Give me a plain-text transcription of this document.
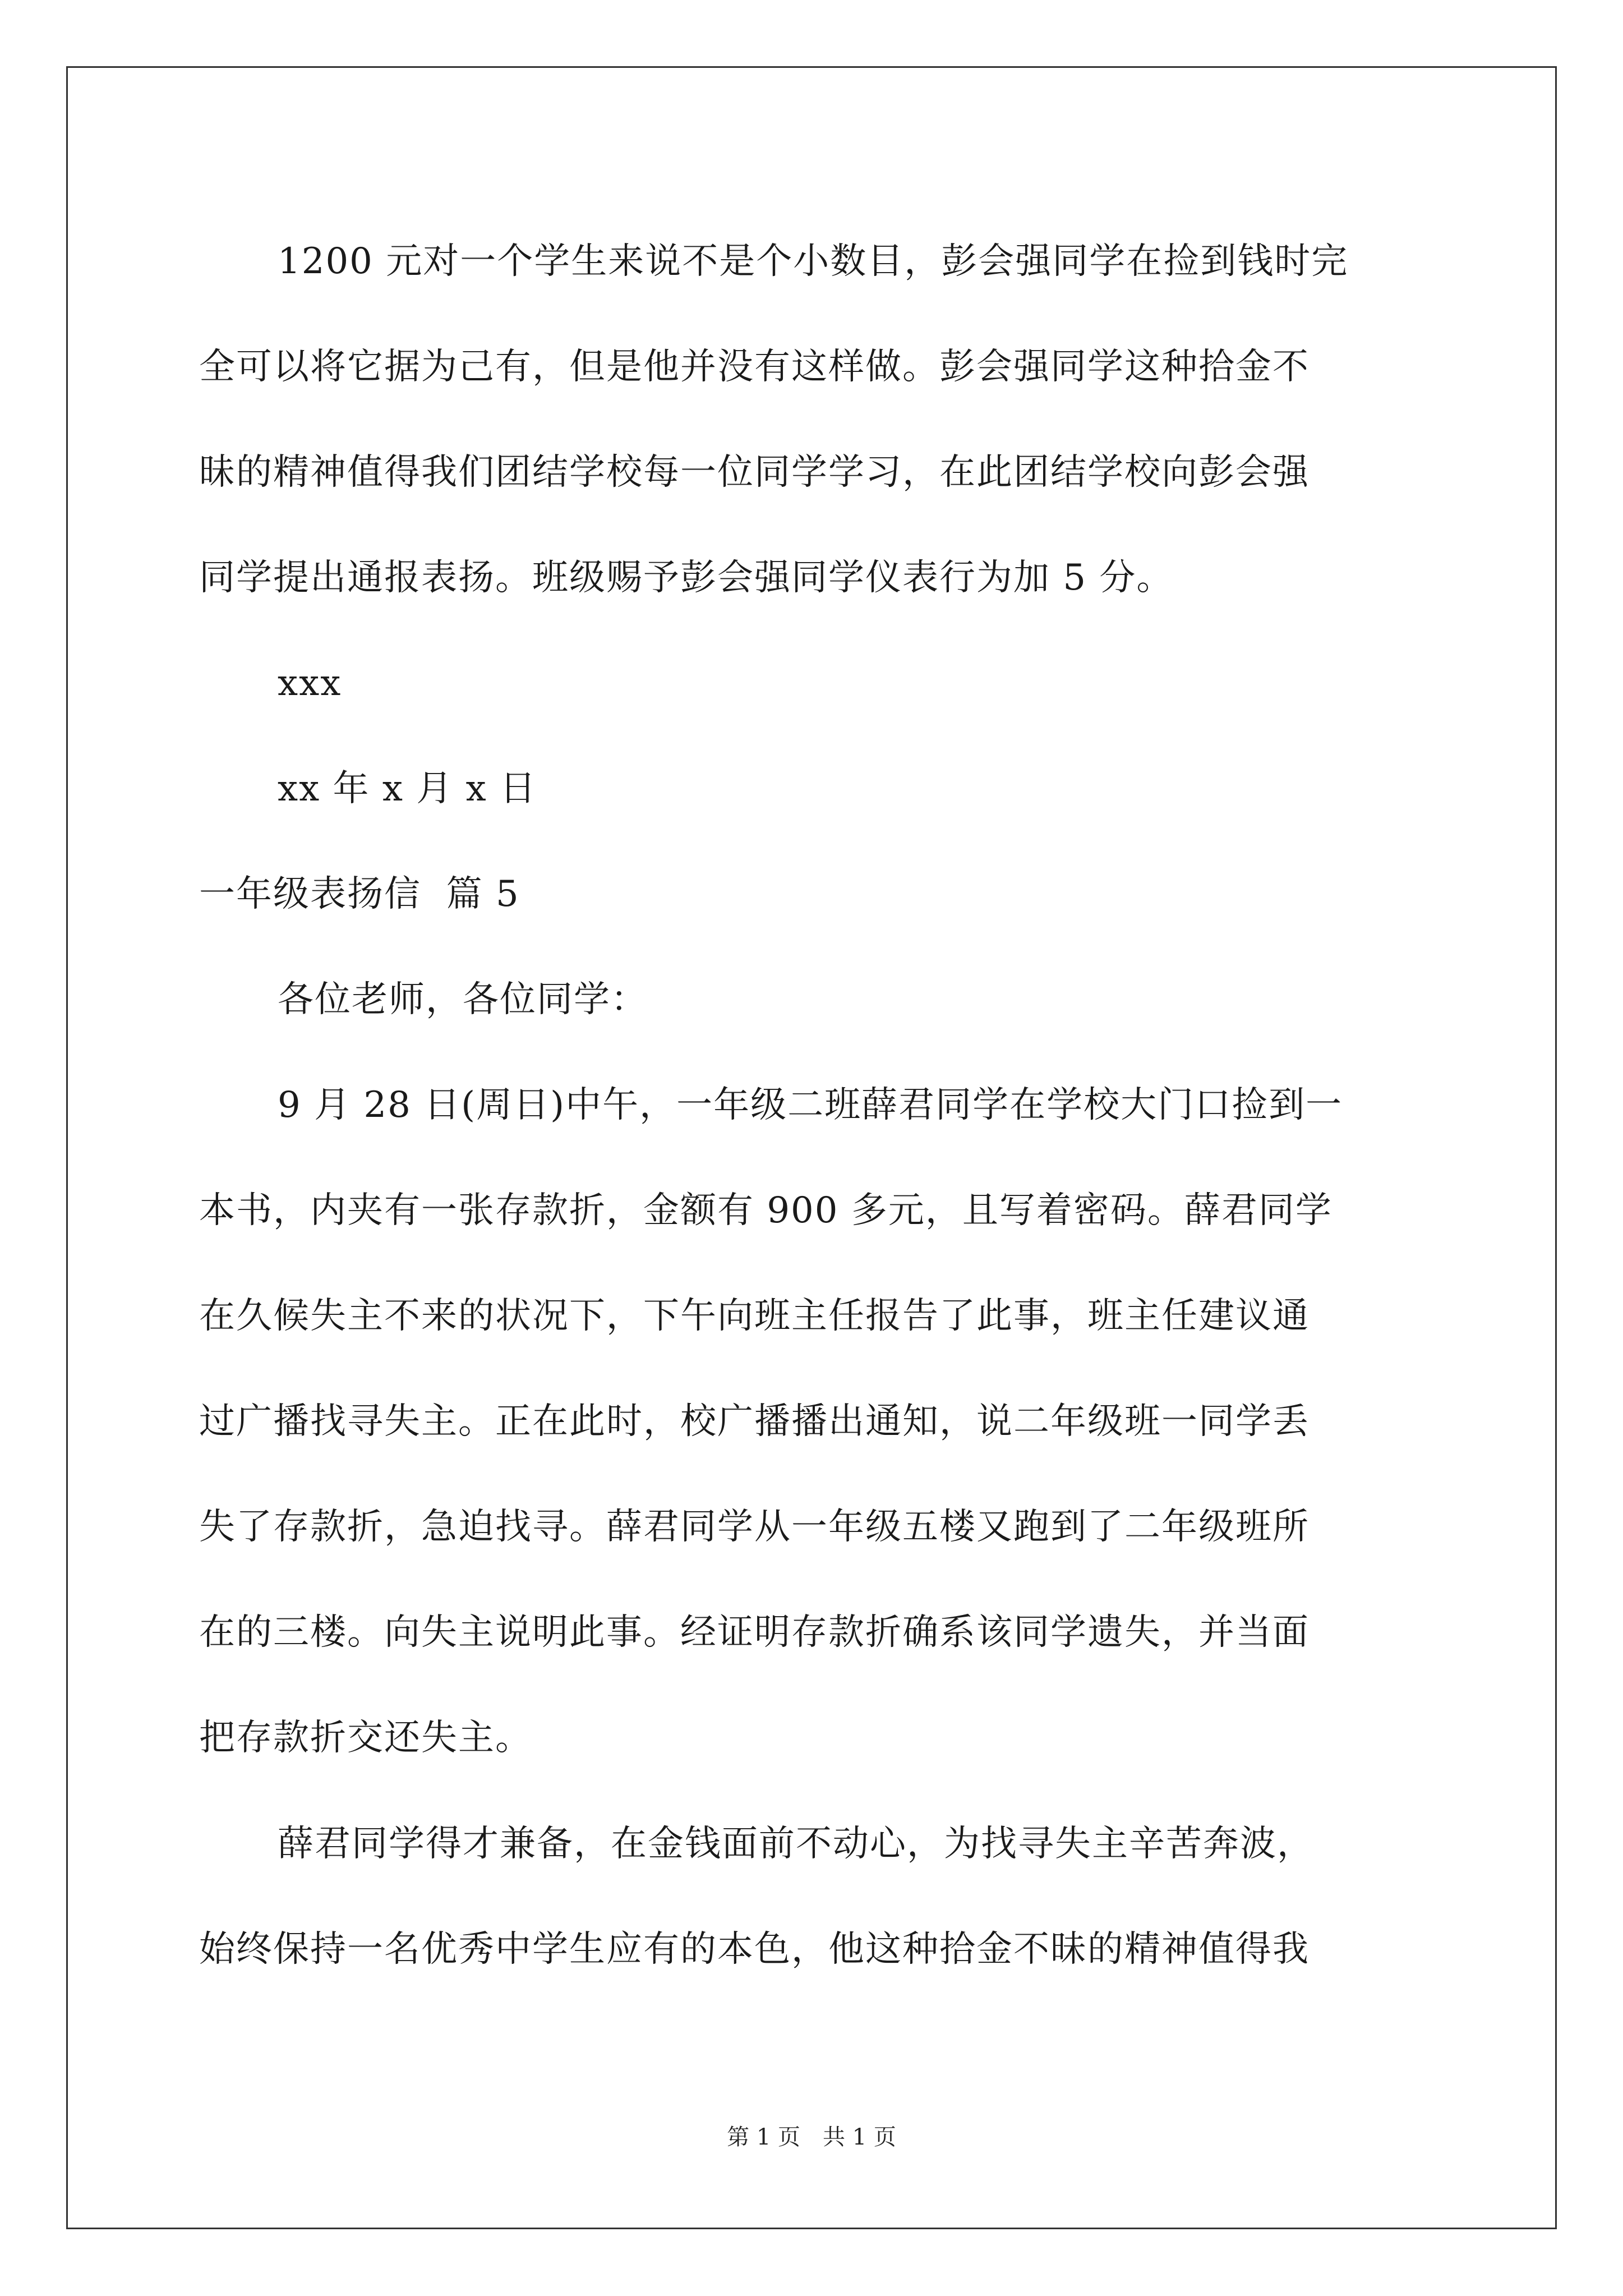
1200 元对一个学生来说不是个小数目，彭会强同学在捡到钱时完
全可以将它据为己有，但是他并没有这样做。彭会强同学这种拾金不
昧的精神值得我们团结学校每一位同学学习，在此团结学校向彭会强
同学提出通报表扬。班级赐予彭会强同学仪表行为加 5 分。
xxx
xx 年 x 月 x 日
一年级表扬信  篇 5
各位老师，各位同学：
9 月 28 日(周日)中午，一年级二班薛君同学在学校大门口捡到一
本书，内夹有一张存款折，金额有 900 多元，且写着密码。薛君同学
在久候失主不来的状况下，下午向班主任报告了此事，班主任建议通
过广播找寻失主。正在此时，校广播播出通知，说二年级班一同学丢
失了存款折，急迫找寻。薛君同学从一年级五楼又跑到了二年级班所
在的三楼。向失主说明此事。经证明存款折确系该同学遗失，并当面
把存款折交还失主。
薛君同学得才兼备，在金钱面前不动心，为找寻失主辛苦奔波，
始终保持一名优秀中学生应有的本色，他这种拾金不昧的精神值得我
第 1 页 共 1 页
